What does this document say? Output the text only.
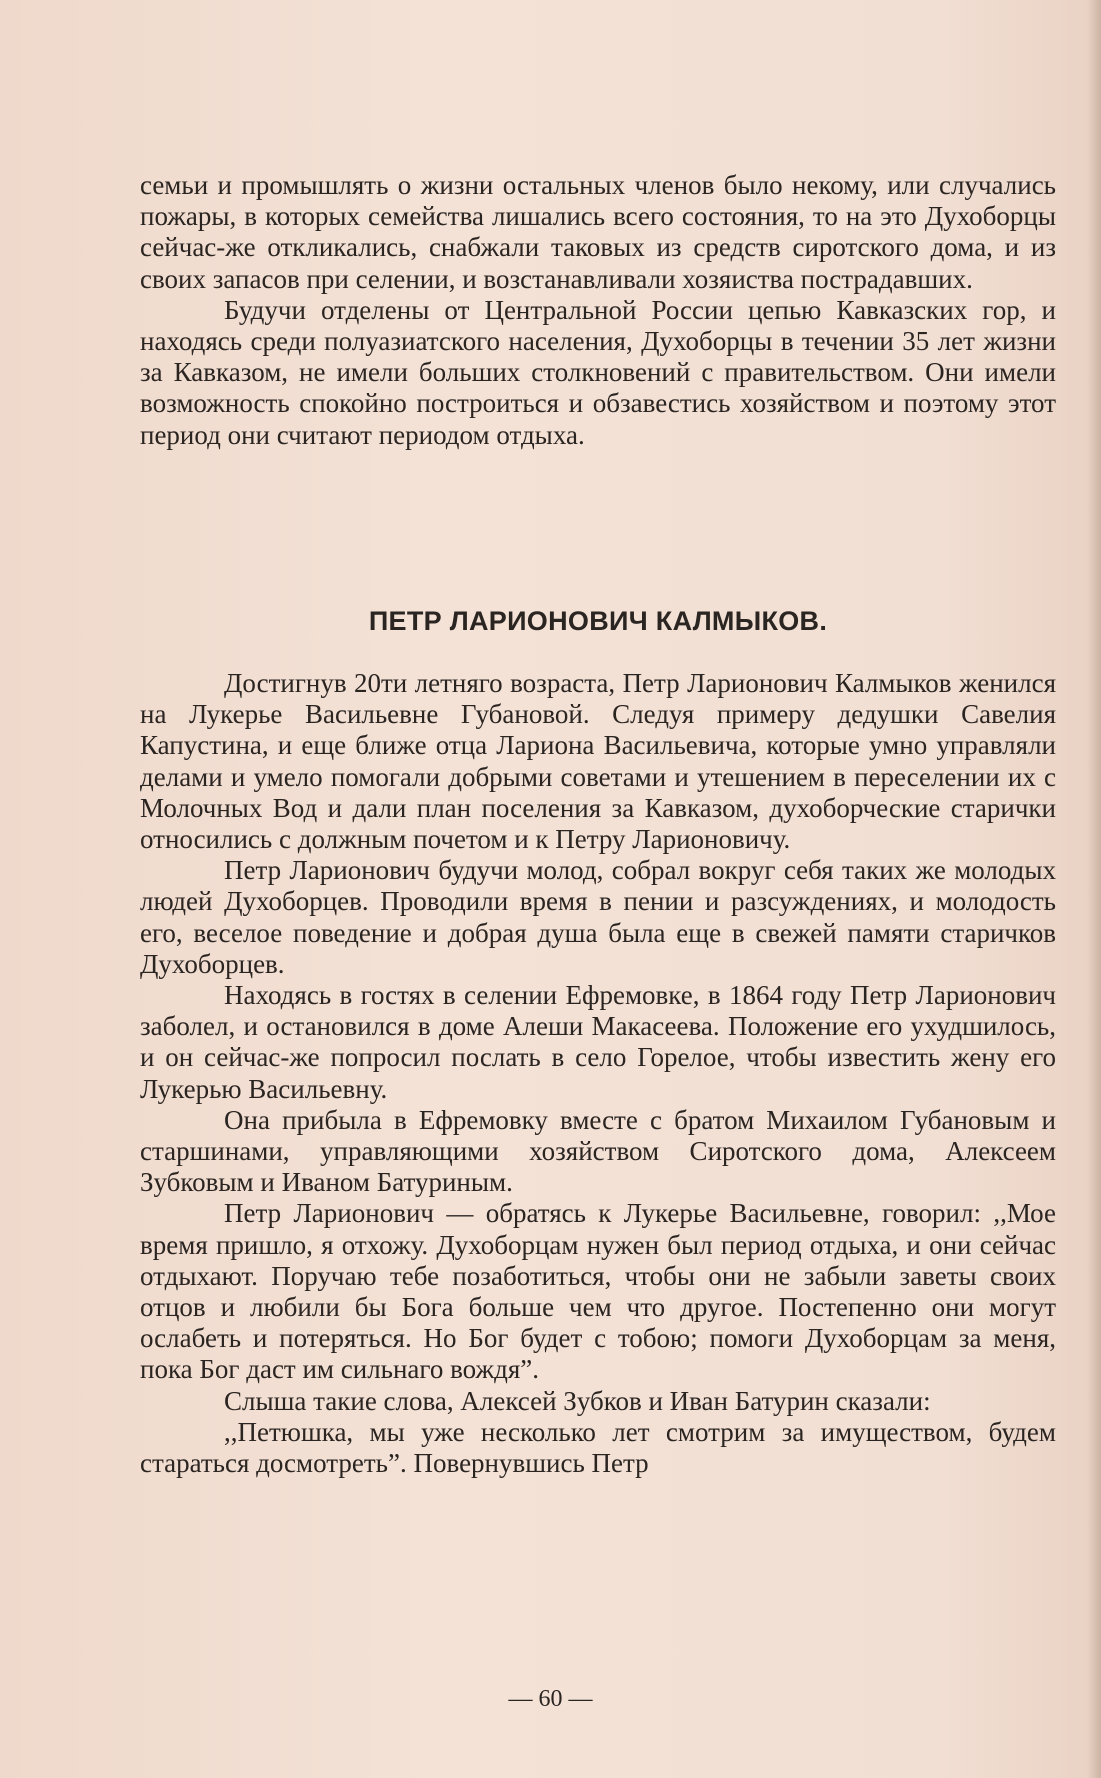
семьи и промышлять о жизни остальных членов было некому, или случались пожары, в которых семейства лишались всего состояния, то на это Духоборцы сейчас-же откликались, снабжали таковых из средств сиротского дома, и из своих запасов при селении, и возстанавливали хозяиства пострадавших.

Будучи отделены от Центральной России цепью Кавказских гор, и находясь среди полуазиатского населения, Духоборцы в течении 35 лет жизни за Кавказом, не имели больших столкновений с правительством. Они имели возможность спокойно построиться и обзавестись хозяйством и поэтому этот период они считают периодом отдыха.

ПЕТР ЛАРИОНОВИЧ КАЛМЫКОВ.

Достигнув 20ти летняго возраста, Петр Ларионович Калмыков женился на Лукерье Васильевне Губановой. Следуя примеру дедушки Савелия Капустина, и еще ближе отца Лариона Васильевича, которые умно управляли делами и умело помогали добрыми советами и утешением в переселении их с Молочных Вод и дали план поселения за Кавказом, духоборческие старички относились с должным почетом и к Петру Ларионовичу.

Петр Ларионович будучи молод, собрал вокруг себя таких же молодых людей Духоборцев. Проводили время в пении и разсуждениях, и молодость его, веселое поведение и добрая душа была еще в свежей памяти старичков Духоборцев.

Находясь в гостях в селении Ефремовке, в 1864 году Петр Ларионович заболел, и остановился в доме Алеши Макасеева. Положение его ухудшилось, и он сейчас-же попросил послать в село Горелое, чтобы известить жену его Лукерью Васильевну.

Она прибыла в Ефремовку вместе с братом Михаилом Губановым и старшинами, управляющими хозяйством Сиротского дома, Алексеем Зубковым и Иваном Батуриным.

Петр Ларионович — обратясь к Лукерье Васильевне, говорил: ,,Мое время пришло, я отхожу. Духоборцам нужен был период отдыха, и они сейчас отдыхают. Поручаю тебе позаботиться, чтобы они не забыли заветы своих отцов и любили бы Бога больше чем что другое. Постепенно они могут ослабеть и потеряться. Но Бог будет с тобою; помоги Духоборцам за меня, пока Бог даст им сильнаго вождя”.

Слыша такие слова, Алексей Зубков и Иван Батурин сказали:

,,Петюшка, мы уже несколько лет смотрим за имуществом, будем стараться досмотреть”. Повернувшись Петр

— 60 —
